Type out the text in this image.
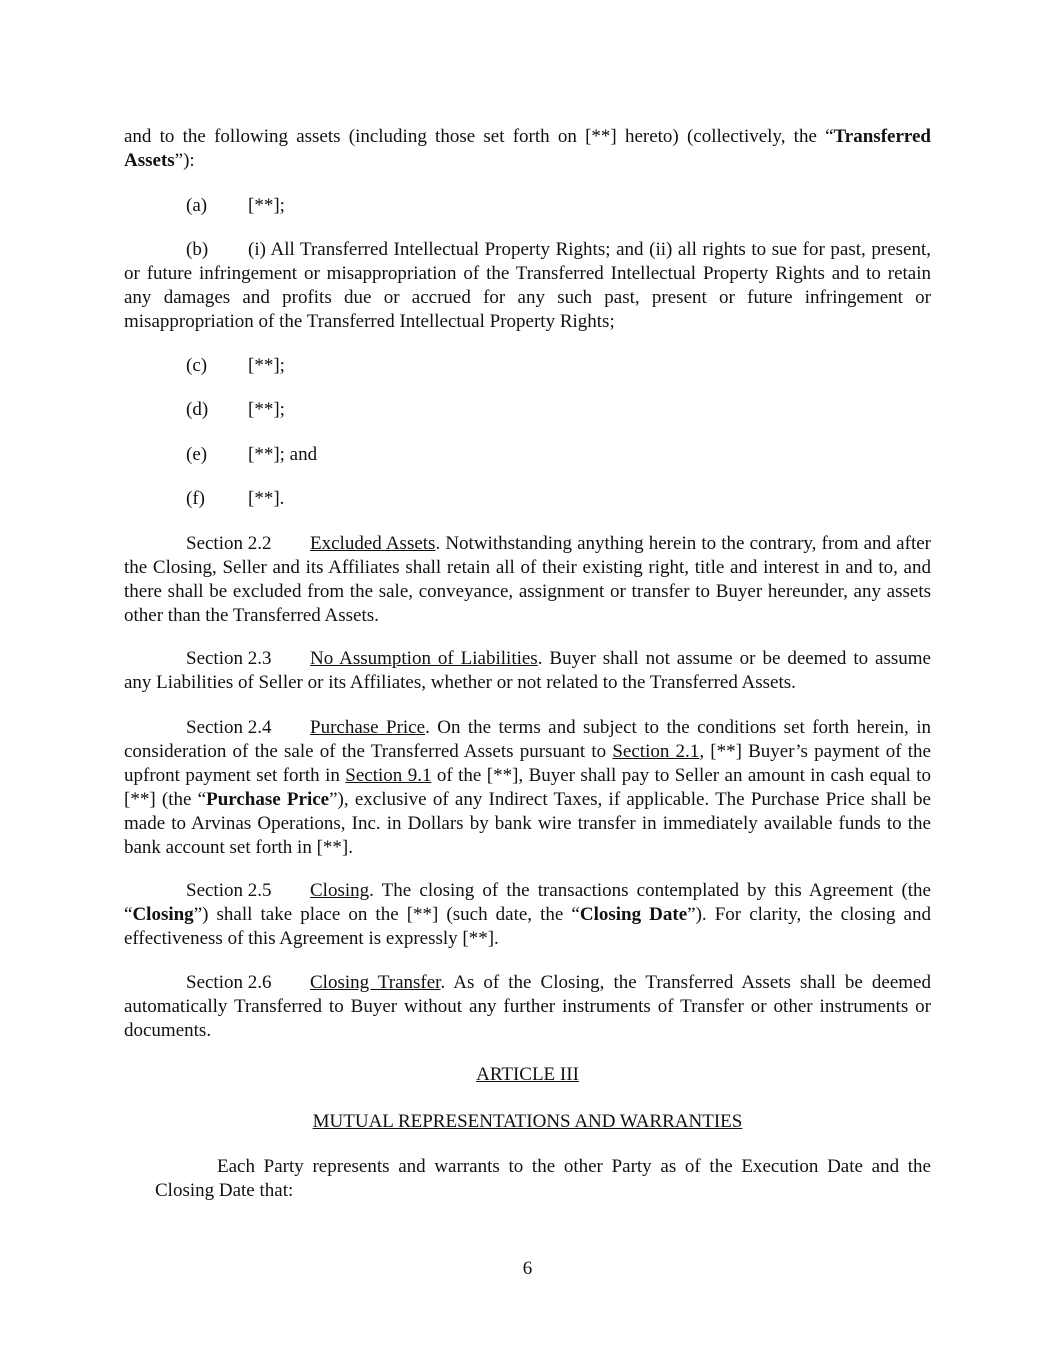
and to the following assets (including those set forth on [**] hereto) (collectively, the “Transferred Assets”):

(a) [**];

(b) (i) All Transferred Intellectual Property Rights; and (ii) all rights to sue for past, present, or future infringement or misappropriation of the Transferred Intellectual Property Rights and to retain any damages and profits due or accrued for any such past, present or future infringement or misappropriation of the Transferred Intellectual Property Rights;

(c) [**];
(d) [**];
(e) [**]; and
(f) [**].

Section 2.2 Excluded Assets. Notwithstanding anything herein to the contrary, from and after the Closing, Seller and its Affiliates shall retain all of their existing right, title and interest in and to, and there shall be excluded from the sale, conveyance, assignment or transfer to Buyer hereunder, any assets other than the Transferred Assets.

Section 2.3 No Assumption of Liabilities. Buyer shall not assume or be deemed to assume any Liabilities of Seller or its Affiliates, whether or not related to the Transferred Assets.

Section 2.4 Purchase Price. On the terms and subject to the conditions set forth herein, in consideration of the sale of the Transferred Assets pursuant to Section 2.1, [**] Buyer’s payment of the upfront payment set forth in Section 9.1 of the [**], Buyer shall pay to Seller an amount in cash equal to [**] (the “Purchase Price”), exclusive of any Indirect Taxes, if applicable. The Purchase Price shall be made to Arvinas Operations, Inc. in Dollars by bank wire transfer in immediately available funds to the bank account set forth in [**].

Section 2.5 Closing. The closing of the transactions contemplated by this Agreement (the “Closing”) shall take place on the [**] (such date, the “Closing Date”). For clarity, the closing and effectiveness of this Agreement is expressly [**].

Section 2.6 Closing Transfer. As of the Closing, the Transferred Assets shall be deemed automatically Transferred to Buyer without any further instruments of Transfer or other instruments or documents.

ARTICLE III

MUTUAL REPRESENTATIONS AND WARRANTIES

Each Party represents and warrants to the other Party as of the Execution Date and the Closing Date that:

6
